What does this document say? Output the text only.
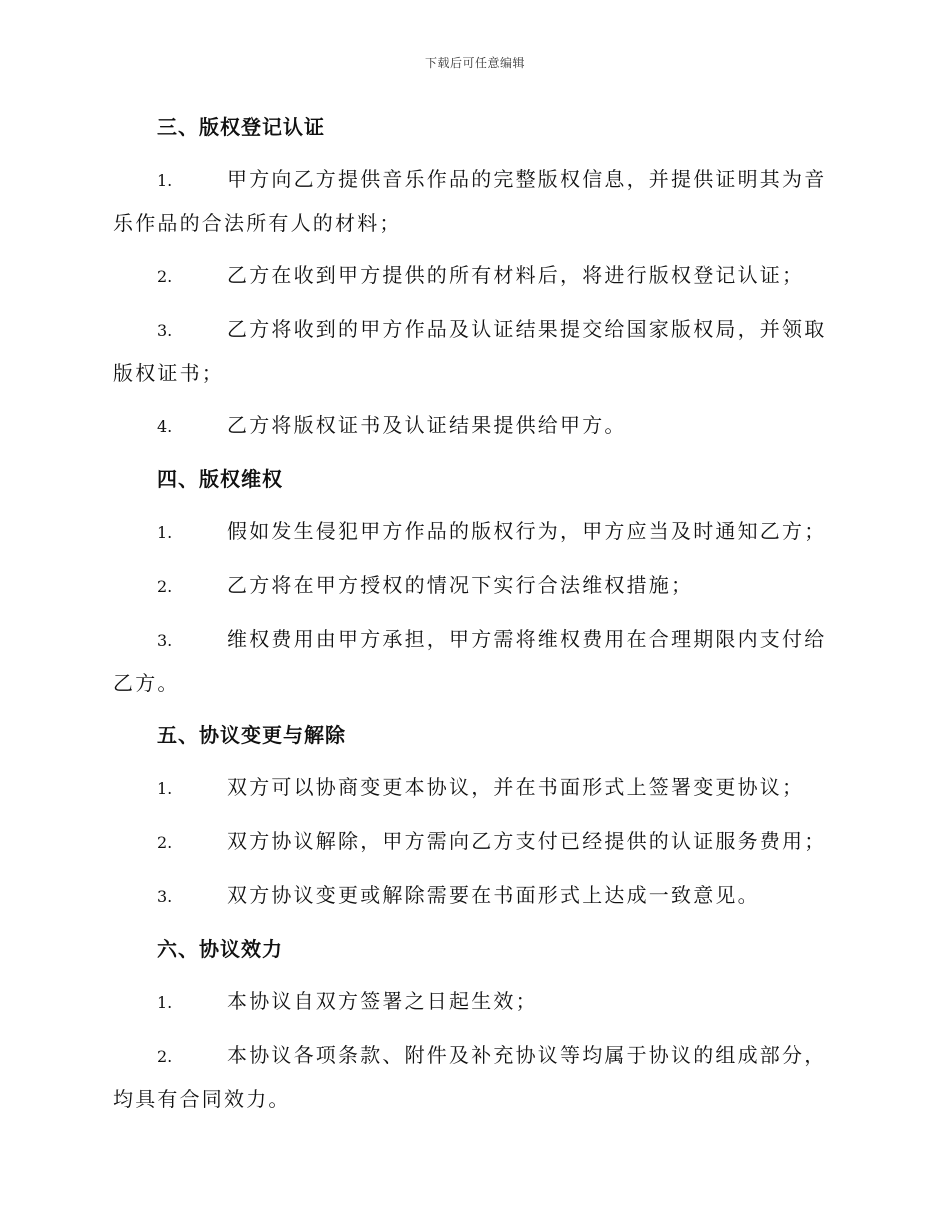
下载后可任意编辑
三、版权登记认证
1.	甲方向乙方提供音乐作品的完整版权信息，并提供证明其为音乐作品的合法所有人的材料；
2.	乙方在收到甲方提供的所有材料后，将进行版权登记认证；
3.	乙方将收到的甲方作品及认证结果提交给国家版权局，并领取版权证书；
4.	乙方将版权证书及认证结果提供给甲方。
四、版权维权
1.	假如发生侵犯甲方作品的版权行为，甲方应当及时通知乙方；
2.	乙方将在甲方授权的情况下实行合法维权措施；
3.	维权费用由甲方承担，甲方需将维权费用在合理期限内支付给乙方。
五、协议变更与解除
1.	双方可以协商变更本协议，并在书面形式上签署变更协议；
2.	双方协议解除，甲方需向乙方支付已经提供的认证服务费用；
3.	双方协议变更或解除需要在书面形式上达成一致意见。
六、协议效力
1.	本协议自双方签署之日起生效；
2.	本协议各项条款、附件及补充协议等均属于协议的组成部分，均具有合同效力。
